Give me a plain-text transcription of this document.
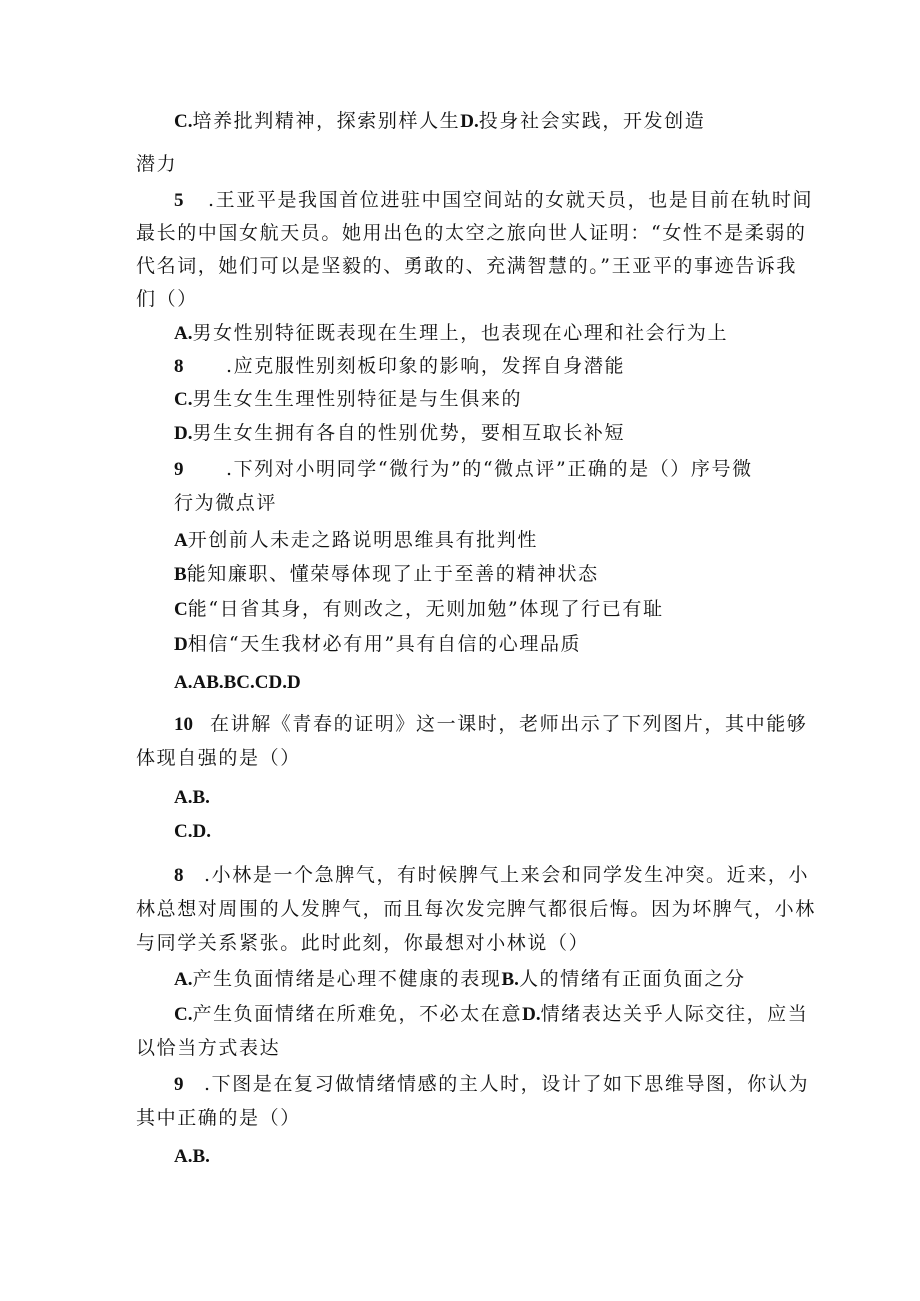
C.培养批判精神，探索别样人生D.投身社会实践，开发创造
潜力
5 .王亚平是我国首位进驻中国空间站的女就天员，也是目前在轨时间
最长的中国女航天员。她用出色的太空之旅向世人证明：“女性不是柔弱的
代名词，她们可以是坚毅的、勇敢的、充满智慧的。”王亚平的事迹告诉我
们（）
A.男女性别特征既表现在生理上，也表现在心理和社会行为上
8 .应克服性别刻板印象的影响，发挥自身潜能
C.男生女生生理性别特征是与生俱来的
D.男生女生拥有各自的性别优势，要相互取长补短
9 .下列对小明同学“微行为”的“微点评”正确的是（）序号微
行为微点评
A开创前人未走之路说明思维具有批判性
B能知廉职、懂荣辱体现了止于至善的精神状态
C能“日省其身，有则改之，无则加勉”体现了行已有耻
D相信“天生我材必有用”具有自信的心理品质
A.AB.BC.CD.D
10 在讲解《青春的证明》这一课时，老师出示了下列图片，其中能够
体现自强的是（）
A.B.
C.D.
8 .小林是一个急脾气，有时候脾气上来会和同学发生冲突。近来，小
林总想对周围的人发脾气，而且每次发完脾气都很后悔。因为坏脾气，小林
与同学关系紧张。此时此刻，你最想对小林说（）
A.产生负面情绪是心理不健康的表现B.人的情绪有正面负面之分
C.产生负面情绪在所难免，不必太在意D.情绪表达关乎人际交往，应当
以恰当方式表达
9 .下图是在复习做情绪情感的主人时，设计了如下思维导图，你认为
其中正确的是（）
A.B.
